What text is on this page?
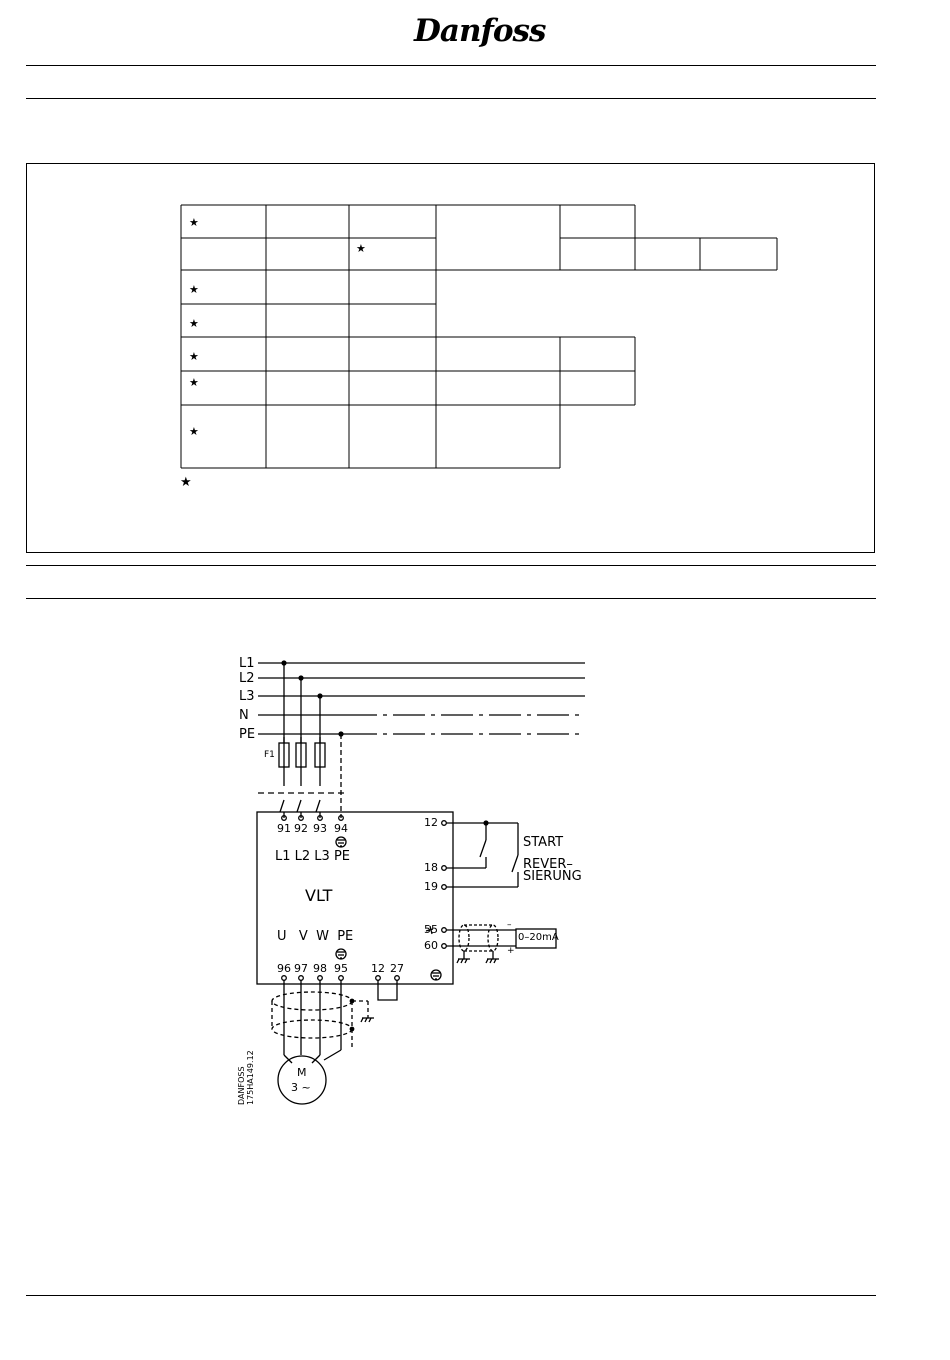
Danfoss
★
★
★
★
★
★
★
★
L1
L2
L3
N
PE
F1
91 92 93 94
L1 L2 L3 PE
VLT
U   V  W  PE
96 97 98 95 12 27
12
18
19
55
60
START
REVER–
SIERUNG
0–20mA
–
+
M
3 ~
DANFOSS 175HA149.12
